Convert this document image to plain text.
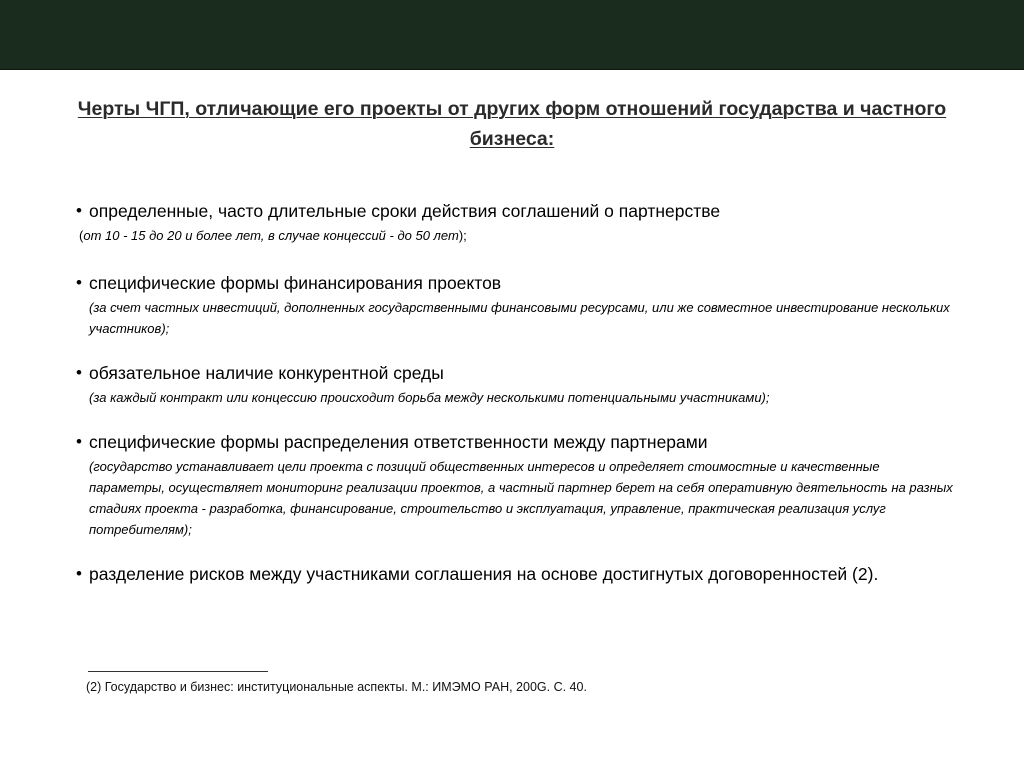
Черты ЧГП, отличающие его проекты от других форм отношений государства и частного бизнеса:
• определенные, часто длительные сроки действия соглашений о партнерстве
(от 10 - 15 до 20 и более лет, в случае концессий - до 50 лет);
• специфические формы финансирования проектов
(за счет частных инвестиций, дополненных государственными финансовыми ресурсами, или же совместное инвестирование нескольких участников);
• обязательное наличие конкурентной среды
(за каждый контракт или концессию происходит борьба между несколькими потенциальными участниками);
• специфические формы распределения ответственности между партнерами
(государство устанавливает цели проекта с позиций общественных интересов и определяет стоимостные и качественные параметры, осуществляет мониторинг реализации проектов, а частный партнер берет на себя оперативную деятельность на разных стадиях проекта - разработка, финансирование, строительство и эксплуатация, управление, практическая реализация услуг потребителям);
• разделение рисков между участниками соглашения на основе достигнутых договоренностей (2).
(2) Государство и бизнес: институциональные аспекты. М.: ИМЭМО РАН, 200G. С. 40.
